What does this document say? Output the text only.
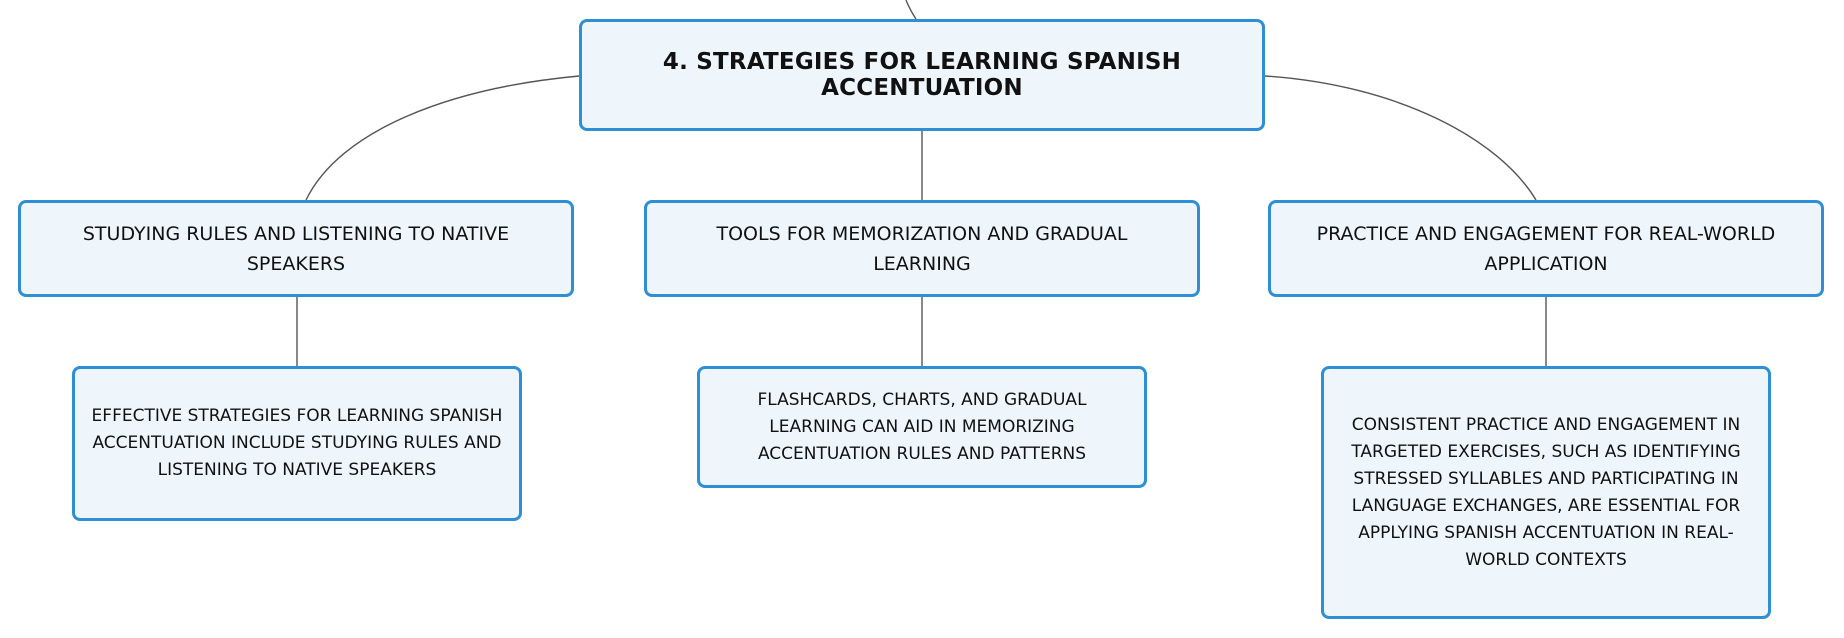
4. STRATEGIES FOR LEARNING SPANISH ACCENTUATION
STUDYING RULES AND LISTENING TO NATIVE SPEAKERS
TOOLS FOR MEMORIZATION AND GRADUAL LEARNING
PRACTICE AND ENGAGEMENT FOR REAL-WORLD APPLICATION
EFFECTIVE STRATEGIES FOR LEARNING SPANISH ACCENTUATION INCLUDE STUDYING RULES AND LISTENING TO NATIVE SPEAKERS
FLASHCARDS, CHARTS, AND GRADUAL LEARNING CAN AID IN MEMORIZING ACCENTUATION RULES AND PATTERNS
CONSISTENT PRACTICE AND ENGAGEMENT IN TARGETED EXERCISES, SUCH AS IDENTIFYING STRESSED SYLLABLES AND PARTICIPATING IN LANGUAGE EXCHANGES, ARE ESSENTIAL FOR APPLYING SPANISH ACCENTUATION IN REAL-WORLD CONTEXTS
